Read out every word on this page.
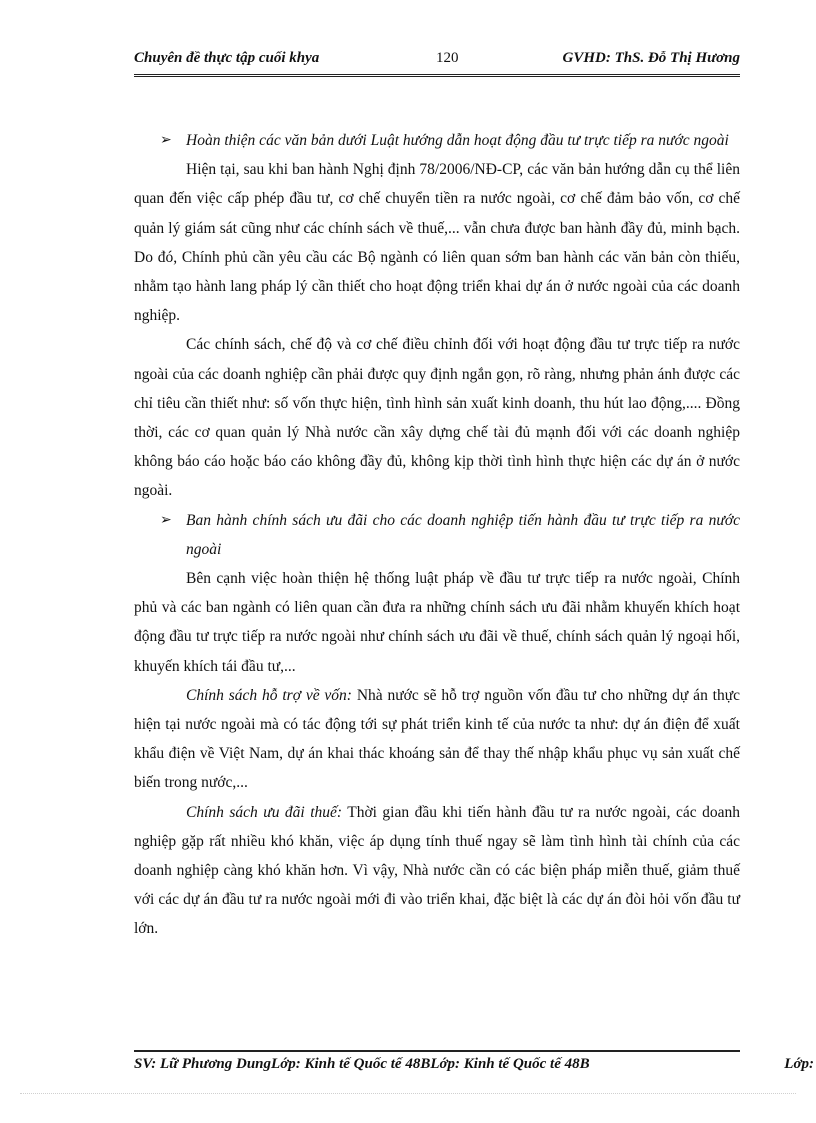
Chuyên đề thực tập cuối khya	120	GVHD: ThS. Đỗ Thị Hương
➢ Hoàn thiện các văn bản dưới Luật hướng dẫn hoạt động đầu tư trực tiếp ra nước ngoài

Hiện tại, sau khi ban hành Nghị định 78/2006/NĐ-CP, các văn bản hướng dẫn cụ thể liên quan đến việc cấp phép đầu tư, cơ chế chuyển tiền ra nước ngoài, cơ chế đảm bảo vốn, cơ chế quản lý giám sát cũng như các chính sách về thuế,... vẫn chưa được ban hành đầy đủ, minh bạch. Do đó, Chính phủ cần yêu cầu các Bộ ngành có liên quan sớm ban hành các văn bản còn thiếu, nhằm tạo hành lang pháp lý cần thiết cho hoạt động triển khai dự án ở nước ngoài của các doanh nghiệp.

Các chính sách, chế độ và cơ chế điều chỉnh đối với hoạt động đầu tư trực tiếp ra nước ngoài của các doanh nghiệp cần phải được quy định ngắn gọn, rõ ràng, nhưng phản ánh được các chỉ tiêu cần thiết như: số vốn thực hiện, tình hình sản xuất kinh doanh, thu hút lao động,.... Đồng thời, các cơ quan quản lý Nhà nước cần xây dựng chế tài đủ mạnh đối với các doanh nghiệp không báo cáo hoặc báo cáo không đầy đủ, không kịp thời tình hình thực hiện các dự án ở nước ngoài.

➢ Ban hành chính sách ưu đãi cho các doanh nghiệp tiến hành đầu tư trực tiếp ra nước ngoài

Bên cạnh việc hoàn thiện hệ thống luật pháp về đầu tư trực tiếp ra nước ngoài, Chính phủ và các ban ngành có liên quan cần đưa ra những chính sách ưu đãi nhằm khuyến khích hoạt động đầu tư trực tiếp ra nước ngoài như chính sách ưu đãi về thuế, chính sách quản lý ngoại hối, khuyến khích tái đầu tư,...

Chính sách hỗ trợ về vốn: Nhà nước sẽ hỗ trợ nguồn vốn đầu tư cho những dự án thực hiện tại nước ngoài mà có tác động tới sự phát triển kinh tế của nước ta như: dự án điện để xuất khẩu điện về Việt Nam, dự án khai thác khoáng sản để thay thế nhập khẩu phục vụ sản xuất chế biến trong nước,...

Chính sách ưu đãi thuế: Thời gian đầu khi tiến hành đầu tư ra nước ngoài, các doanh nghiệp gặp rất nhiều khó khăn, việc áp dụng tính thuế ngay sẽ làm tình hình tài chính của các doanh nghiệp càng khó khăn hơn. Vì vậy, Nhà nước cần có các biện pháp miễn thuế, giảm thuế với các dự án đầu tư ra nước ngoài mới đi vào triển khai, đặc biệt là các dự án đòi hỏi vốn đầu tư lớn.

SV: Lữ Phương DungLớp: Kinh tế Quốc tế 48BLớp: Kinh tế Quốc tế 48B	Lớp:
